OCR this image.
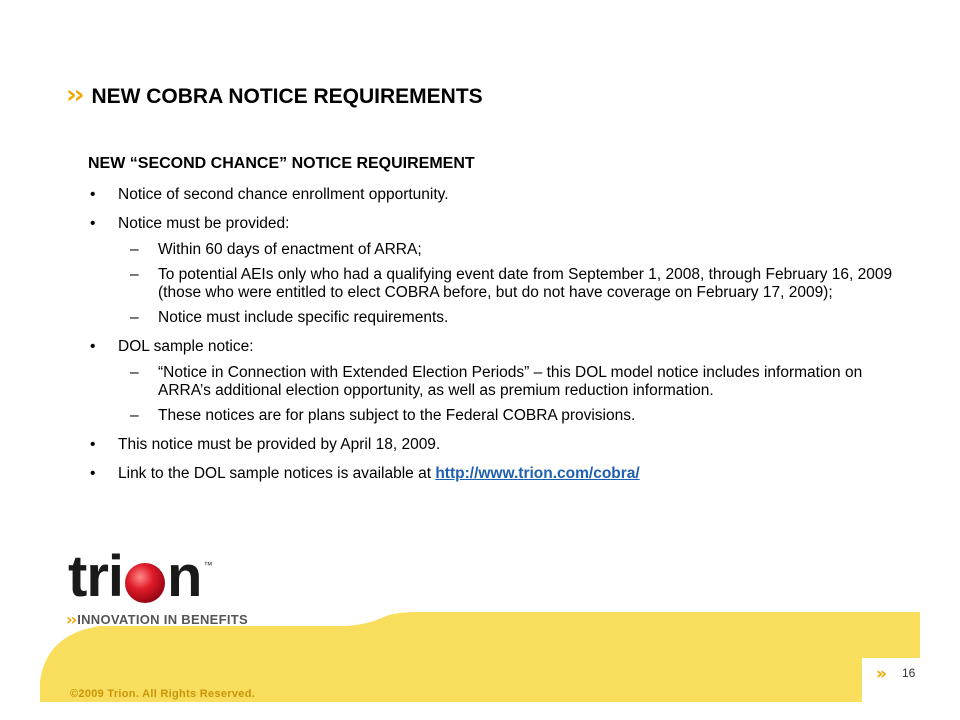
›› NEW COBRA NOTICE REQUIREMENTS
NEW “SECOND CHANCE” NOTICE REQUIREMENT
• Notice of second chance enrollment opportunity.
• Notice must be provided:
– Within 60 days of enactment of ARRA;
– To potential AEIs only who had a qualifying event date from September 1, 2008, through February 16, 2009 (those who were entitled to elect COBRA before, but do not have coverage on February 17, 2009);
– Notice must include specific requirements.
• DOL sample notice:
– “Notice in Connection with Extended Election Periods” – this DOL model notice includes information on ARRA’s additional election opportunity, as well as premium reduction information.
– These notices are for plans subject to the Federal COBRA provisions.
• This notice must be provided by April 18, 2009.
• Link to the DOL sample notices is available at http://www.trion.com/cobra/
tri n ™
›› INNOVATION IN BENEFITS
›› 16
©2009 Trion. All Rights Reserved.
